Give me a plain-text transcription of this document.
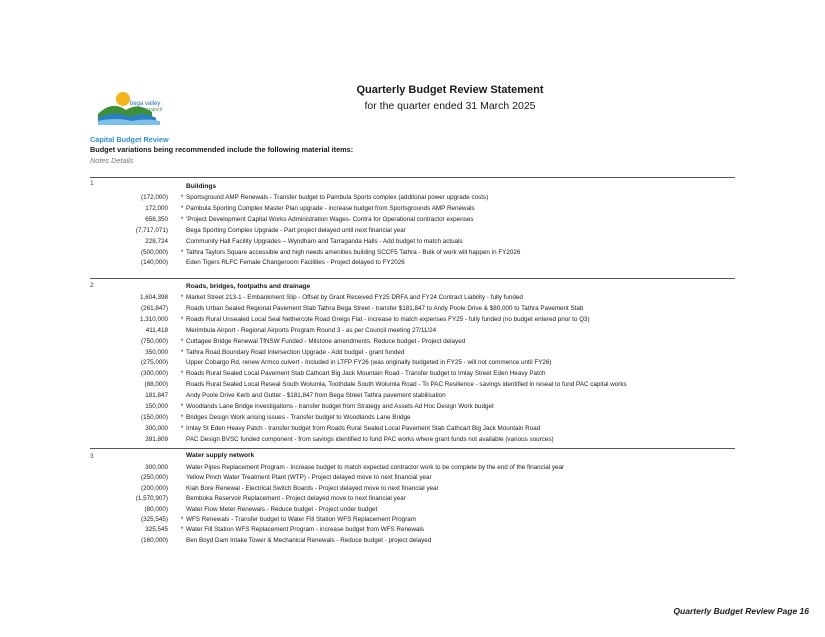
bega valley
shire council
Quarterly Budget Review Statement
for the quarter ended 31 March 2025
Capital Budget Review
Budget variations being recommended include the following material items:
Notes Details
1	Buildings
(172,000)	* Sportsground AMP Renewals - Transfer budget to Pambula Sports complex (additonal power upgrade costs)
172,000	* Pambula Sporting Complex Master Plan upgrade - increase budget from Sportsgrounds AMP Renewals
658,350	* 'Project Development Capital Works Administration Wages- Contra for Operational contractor expenses
(7,717,071)	Bega Sporting Complex Upgrade - Part project delayed until next financial year
228,724	Community Hall Facility Upgrades – Wyndham and Tarraganda Halls - Add budget to match actuals
(500,000)	* Tathra Taylors Square accessible and high needs amenities building SCCF5 Tathra - Bulk of work will happen in FY2026
(140,000)	Eden Tigers RLFC Female Changeroom Facilities - Project delayed to FY2026
2	Roads, bridges, footpaths and drainage
1,604,398	* Market Street 213-1 - Embankment Slip - Offset by Grant Received FY25 DRFA and FY24 Contract Liability - fully funded
(261,847)	Roads Urban Sealed Regional Pavement Stab Tathra Bega Street - transfer $181,847 to Andy Poole Drive & $80,000 to Tathra Pavement Stab
1,310,000	* Roads Rural Unsealed Local Seal Nethercote Road Greigs Flat - increase to match expenses FY25 - fully funded (no budget entered prior to Q3)
411,418	Merimbula Airport - Regional Airports Program Round 3 - as per Council meeting 27/11/24
(750,000)	* Cuttagee Bridge Renewal TfNSW Funded - Milstone amendments. Reduce budget - Project delayed
350,000	* Tathra Road Boundary Road Intersection Upgrade - Add budget - grant funded
(275,000)	Upper Cobargo Rd, renew Armco culvert - Included in LTFP FY26 (was originally budgeted in FY25 - will not commence until FY26)
(300,000)	* Roads Rural Sealed Local Pavement Stab Cathcart Big Jack Mountain Road - Transfer budget to Imlay Street Eden Heavy Patch
(88,000)	Roads Rural Sealed Local Reseal South Wolumla, Toothdale South Wolumla Road - To PAC Resilience - savings identified in reseal to fund PAC capital works
181,847	Andy Poole Drive Kerb and Gutter - $181,847 from Bega Street Tathra pavement stabilisation
150,000	* Woodlands Lane Bridge investigations - transfer budget from Strategy and Assets Ad Hoc Design Work budget
(150,000)	* Bridges Design Work arising issues - Transfer budget to Woodlands Lane Bridge
300,000	* Imlay St Eden Heavy Patch - transfer budget from Roads Rural Sealed Local Pavement Stab Cathcart Big Jack Mountain Road
391,809	PAC Design BVSC funded component - from savings identified to fund PAC works where grant funds not available (various sources)
3	Water supply network
300,000	Water Pipes Replacement Program - Increase budget to match expected contractor work to be complete by the end of the financial year
(250,000)	Yellow Pinch Water Treatment Plant (WTP) - Project delayed move to next financial year
(200,000)	Kiah Bore Renewal - Electrical Switch Boards - Project delayed move to next financial year
(1,570,907)	Bemboka Reservoir Replacement - Project delayed move to next financial year
(80,000)	Water Flow Meter Renewals - Reduce budget - Project under budget
(325,545)	* WFS Renewals - Transfer budget to Water Fill Station WFS Replacement Program
325,545	* Water Fill Station WFS Replacement Program - increase budget from WFS Renewals
(160,000)	Ben Boyd Dam Intake Tower & Mechanical Renewals - Reduce budget - project delayed
Quarterly Budget Review Page 16
